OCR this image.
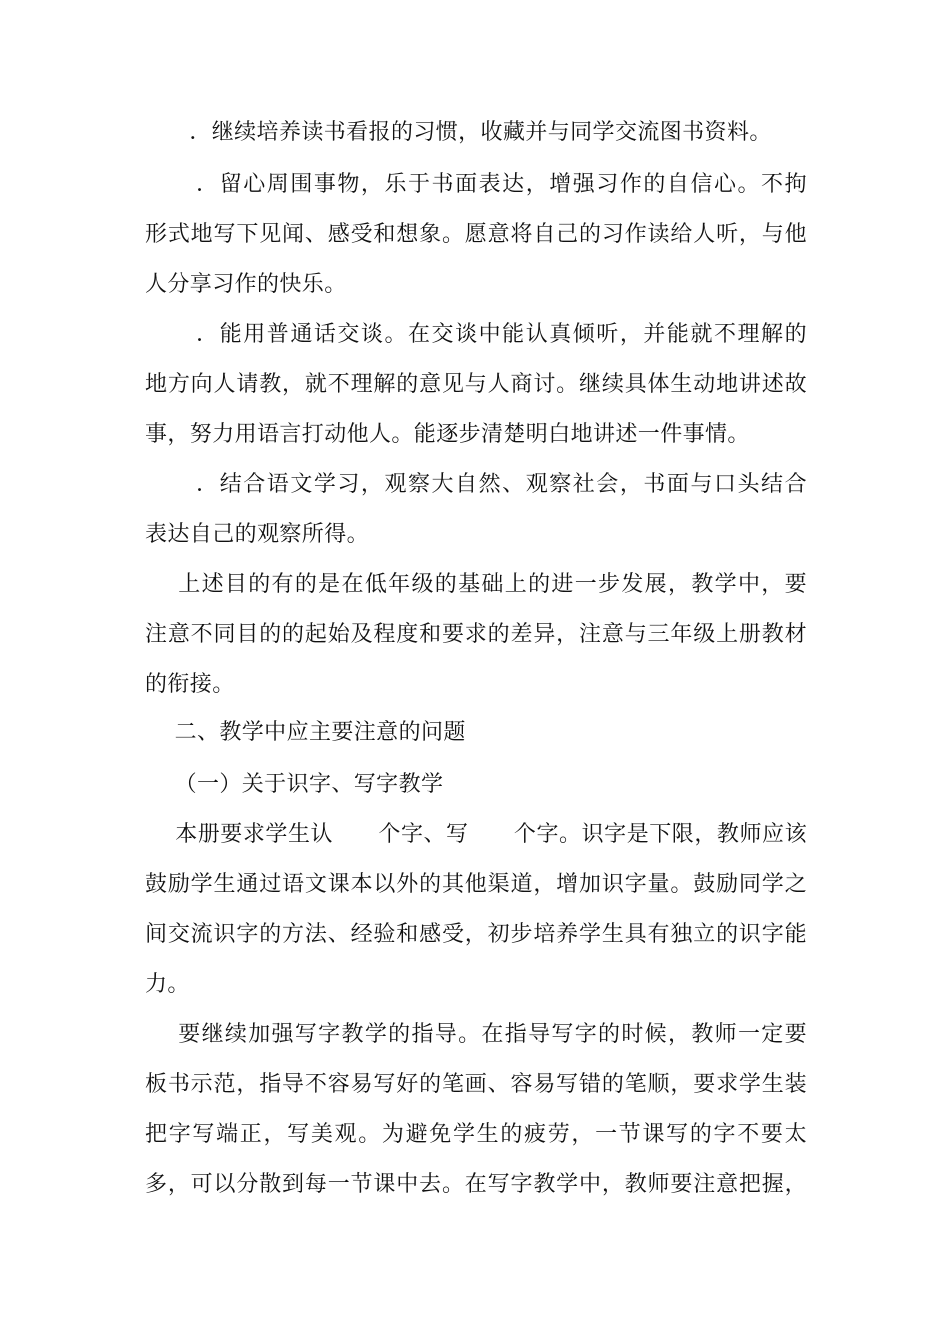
．继续培养读书看报的习惯，收藏并与同学交流图书资料。
．留心周围事物，乐于书面表达，增强习作的自信心。不拘
形式地写下见闻、感受和想象。愿意将自己的习作读给人听，与他
人分享习作的快乐。
．能用普通话交谈。在交谈中能认真倾听，并能就不理解的
地方向人请教，就不理解的意见与人商讨。继续具体生动地讲述故
事，努力用语言打动他人。能逐步清楚明白地讲述一件事情。
．结合语文学习，观察大自然、观察社会，书面与口头结合
表达自己的观察所得。
上述目的有的是在低年级的基础上的进一步发展，教学中，要
注意不同目的的起始及程度和要求的差异，注意与三年级上册教材
的衔接。
二、教学中应主要注意的问题
（一）关于识字、写字教学
本册要求学生认      个字、写      个字。识字是下限，教师应该
鼓励学生通过语文课本以外的其他渠道，增加识字量。鼓励同学之
间交流识字的方法、经验和感受，初步培养学生具有独立的识字能
力。
要继续加强写字教学的指导。在指导写字的时候，教师一定要
板书示范，指导不容易写好的笔画、容易写错的笔顺，要求学生装
把字写端正，写美观。为避免学生的疲劳，一节课写的字不要太
多，可以分散到每一节课中去。在写字教学中，教师要注意把握，
